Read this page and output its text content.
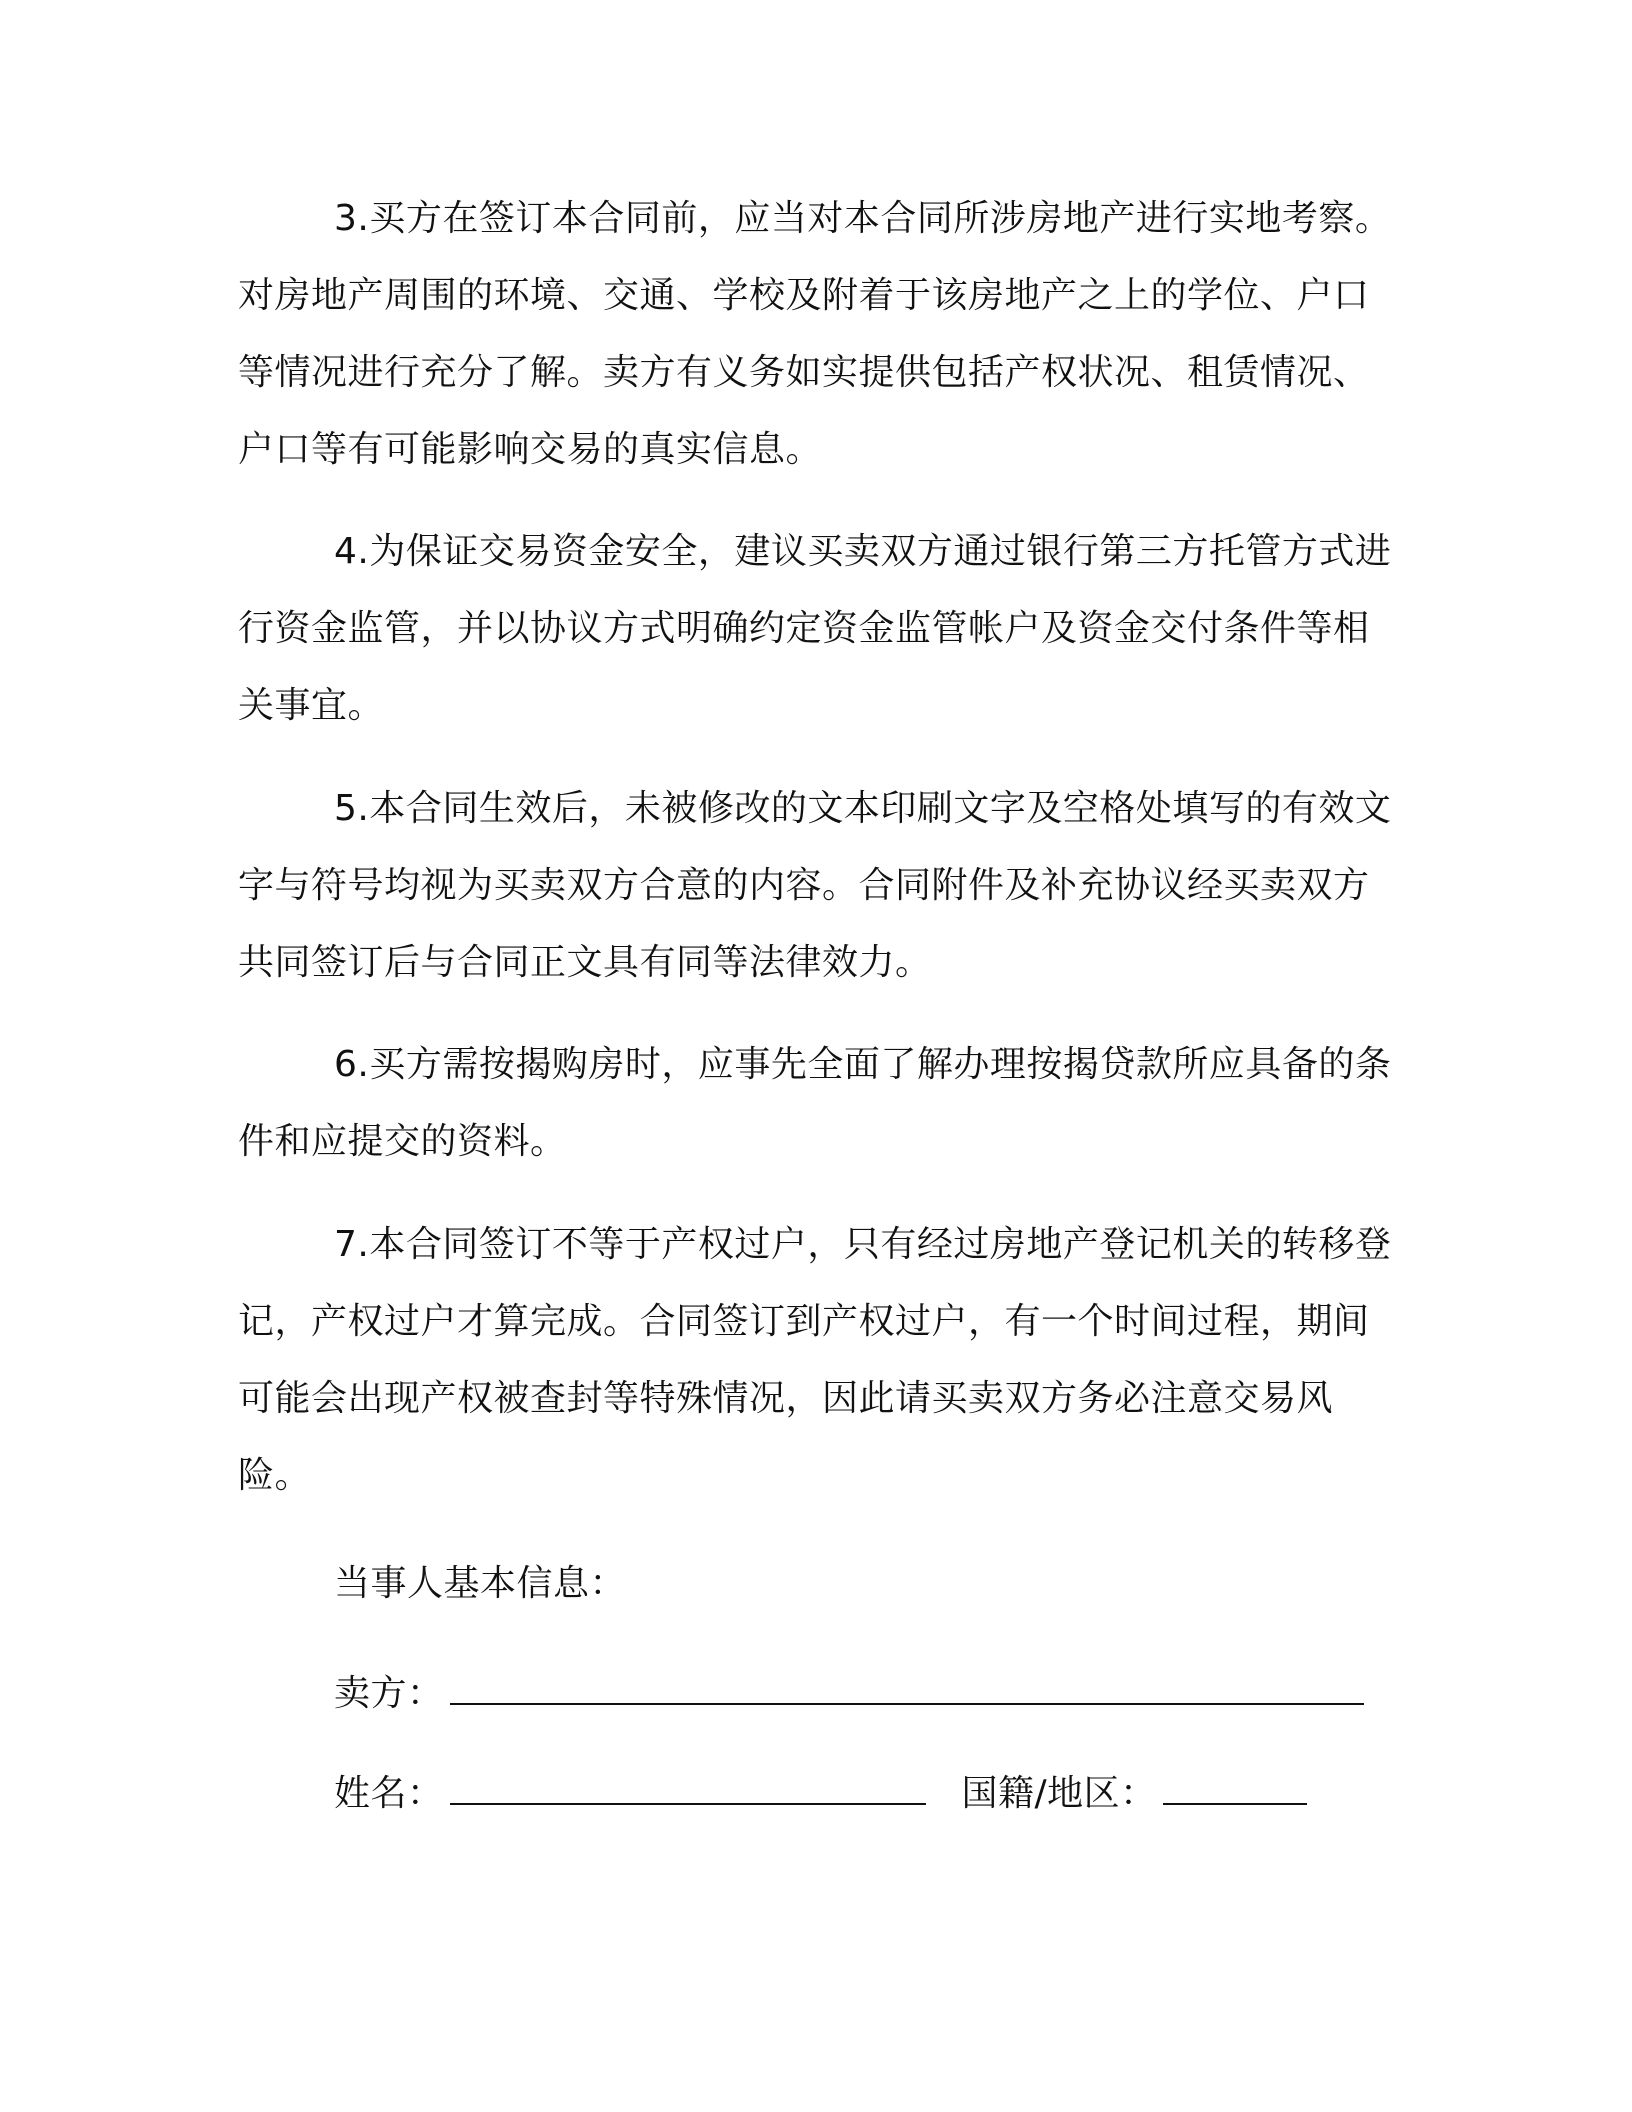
3.买方在签订本合同前，应当对本合同所涉房地产进行实地考察。对房地产周围的环境、交通、学校及附着于该房地产之上的学位、户口等情况进行充分了解。卖方有义务如实提供包括产权状况、租赁情况、户口等有可能影响交易的真实信息。

4.为保证交易资金安全，建议买卖双方通过银行第三方托管方式进行资金监管，并以协议方式明确约定资金监管帐户及资金交付条件等相关事宜。

5.本合同生效后，未被修改的文本印刷文字及空格处填写的有效文字与符号均视为买卖双方合意的内容。合同附件及补充协议经买卖双方共同签订后与合同正文具有同等法律效力。

6.买方需按揭购房时，应事先全面了解办理按揭贷款所应具备的条件和应提交的资料。

7.本合同签订不等于产权过户，只有经过房地产登记机关的转移登记，产权过户才算完成。合同签订到产权过户，有一个时间过程，期间可能会出现产权被查封等特殊情况，因此请买卖双方务必注意交易风险。

当事人基本信息：

卖方：
姓名：	国籍/地区：
